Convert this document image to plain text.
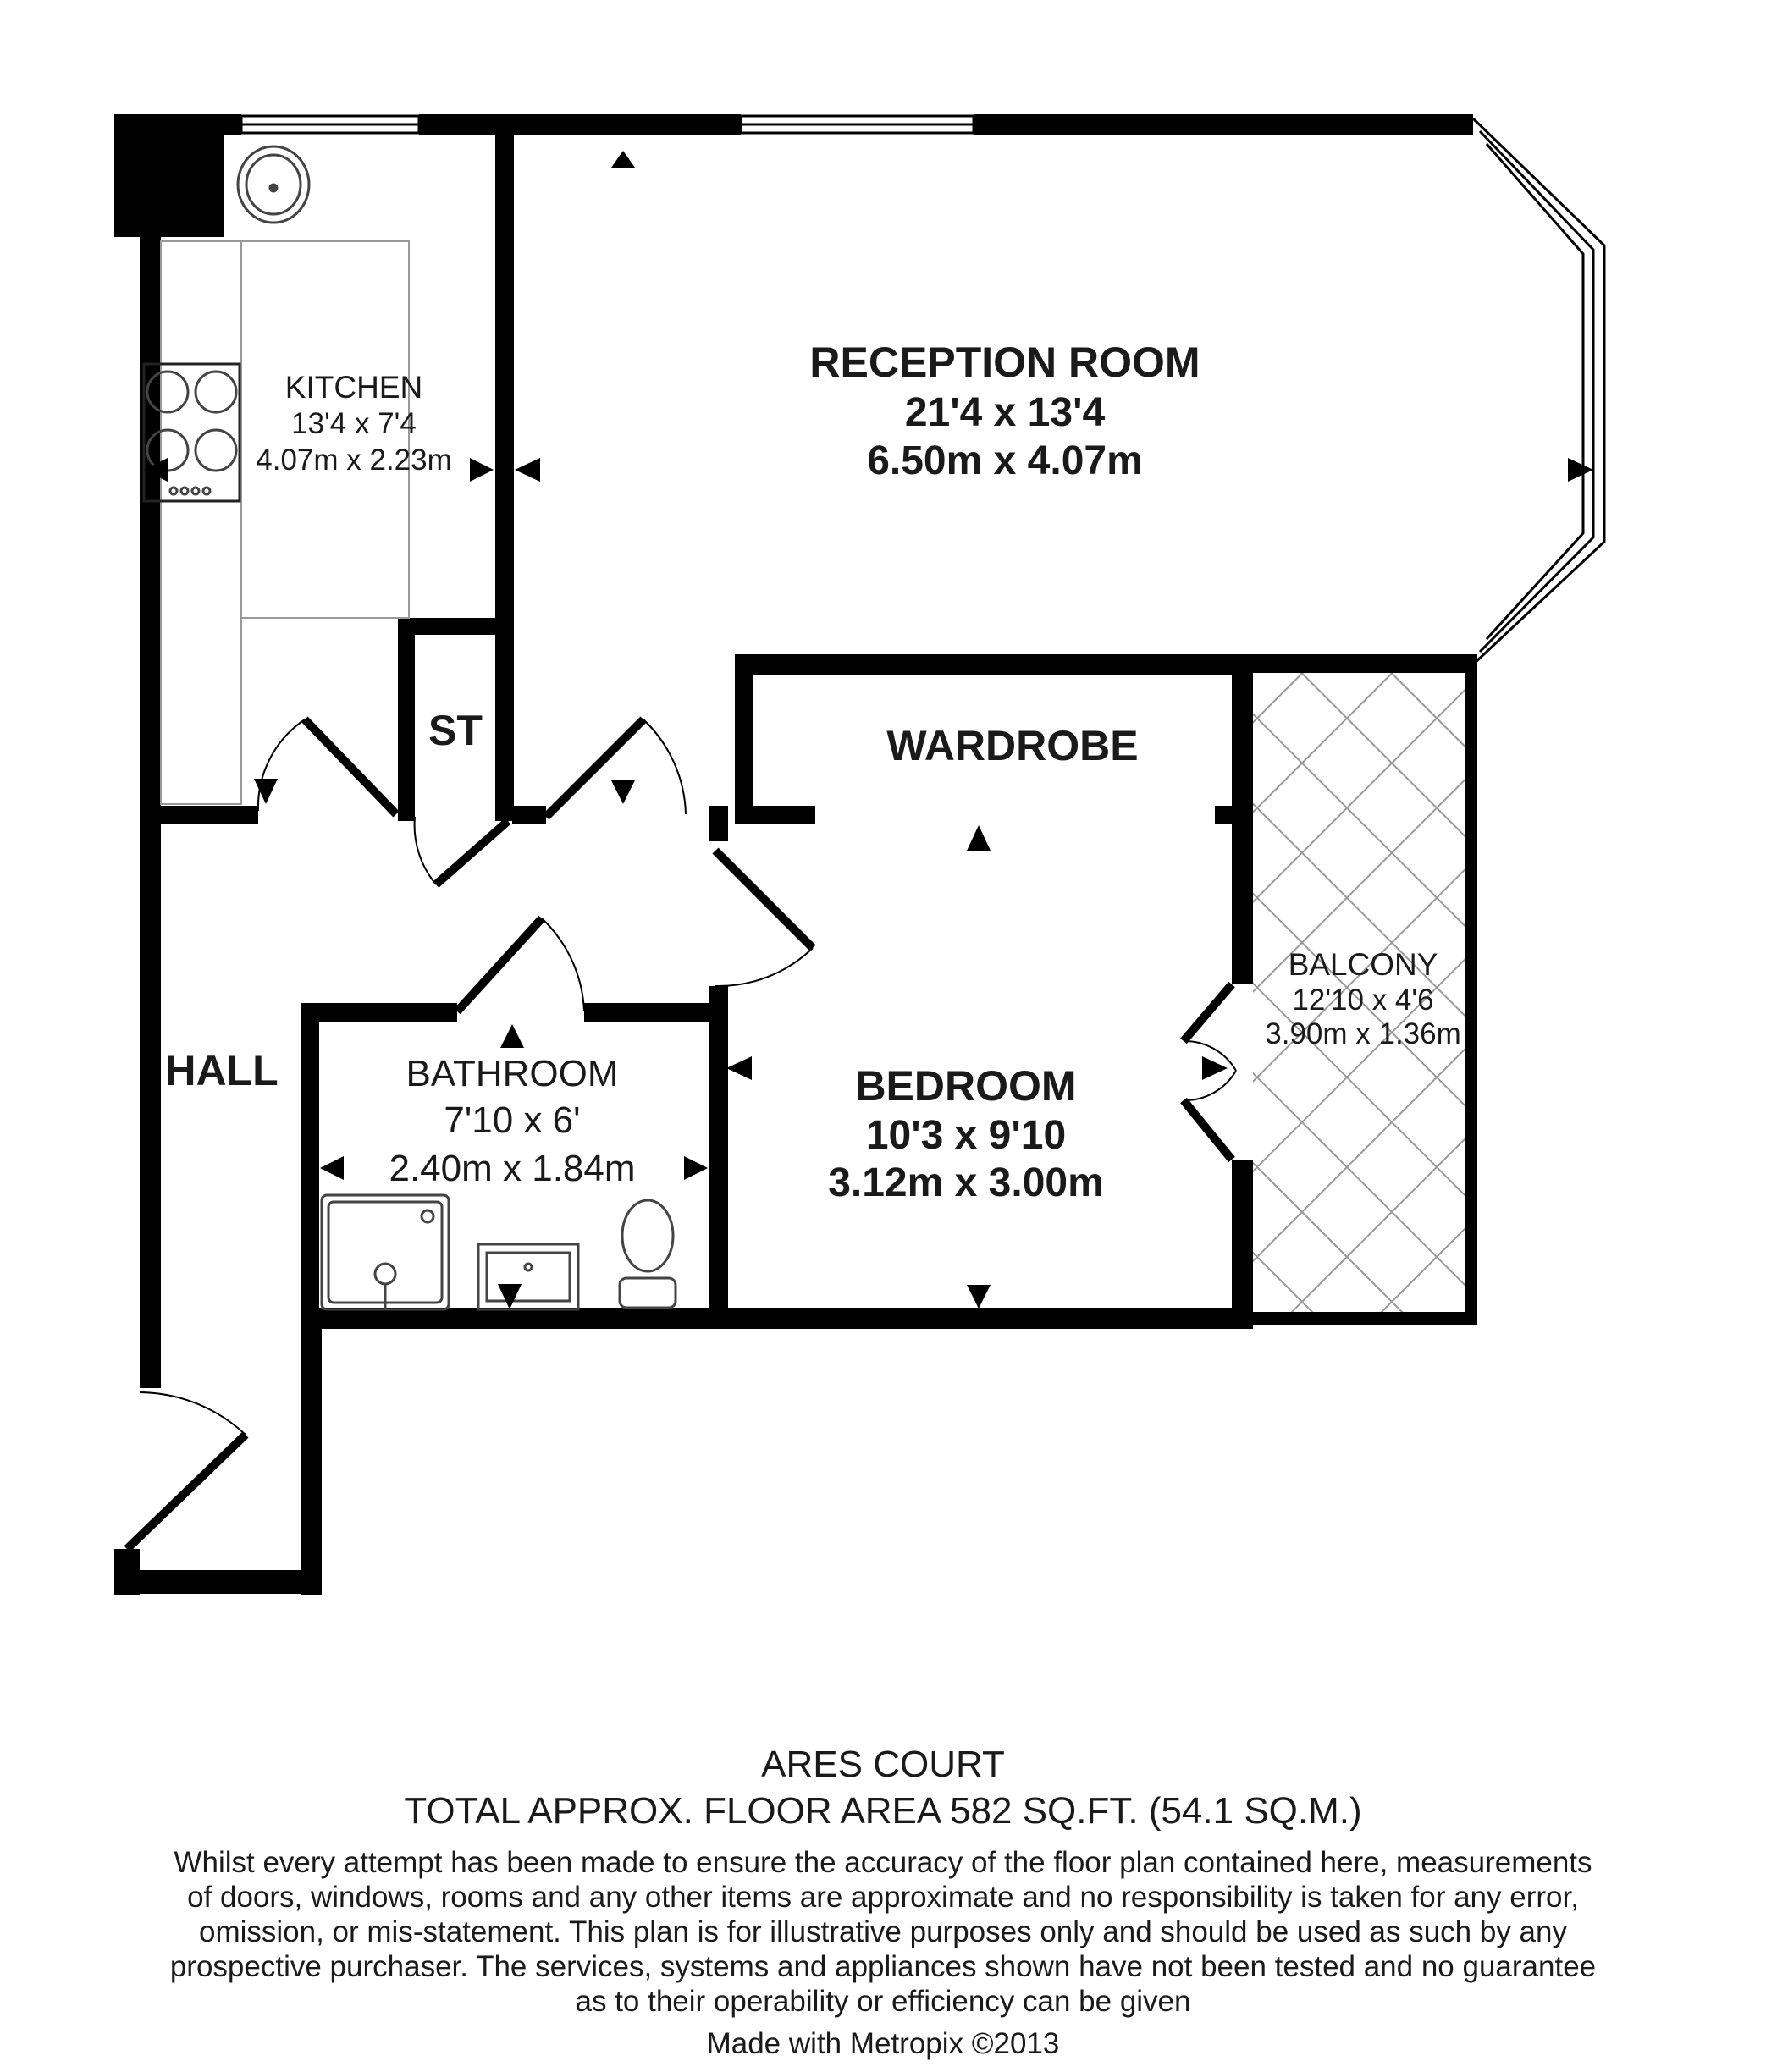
RECEPTION ROOM
21'4 x 13'4
6.50m x 4.07m
KITCHEN
13'4 x 7'4
4.07m x 2.23m
ST	WARDROBE
BEDROOM
10'3 x 9'10
3.12m x 3.00m
BALCONY
12'10 x 4'6
3.90m x 1.36m
BATHROOM
7'10 x 6'
2.40m x 1.84m
HALL
ARES COURT
TOTAL APPROX. FLOOR AREA 582 SQ.FT. (54.1 SQ.M.)
Whilst every attempt has been made to ensure the accuracy of the floor plan contained here, measurements of doors, windows, rooms and any other items are approximate and no responsibility is taken for any error, omission, or mis-statement. This plan is for illustrative purposes only and should be used as such by any prospective purchaser. The services, systems and appliances shown have not been tested and no guarantee as to their operability or efficiency can be given
Made with Metropix ©2013
